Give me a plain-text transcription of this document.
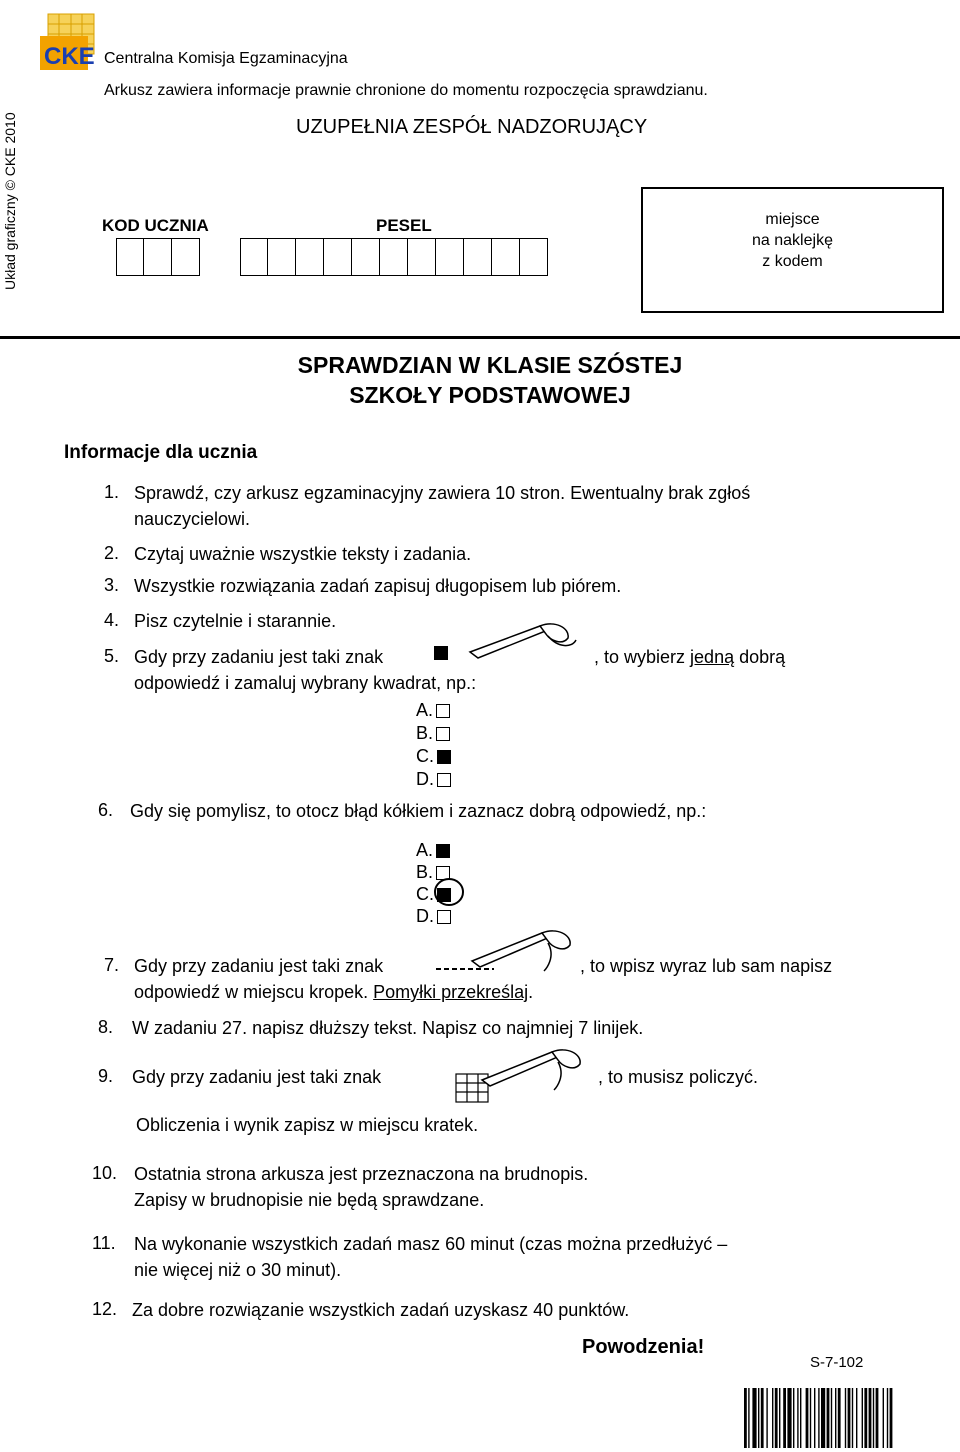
Układ graficzny © CKE 2010
CKE Centralna Komisja Egzaminacyjna
Arkusz zawiera informacje prawnie chronione do momentu rozpoczęcia sprawdzianu.
UZUPEŁNIA ZESPÓŁ NADZORUJĄCY
KOD UCZNIA	PESEL	miejsce
na naklejkę
z kodem
SPRAWDZIAN W KLASIE SZÓSTEJ
SZKOŁY PODSTAWOWEJ
Informacje dla ucznia
1. Sprawdź, czy arkusz egzaminacyjny zawiera 10 stron. Ewentualny brak zgłoś
nauczycielowi.
2. Czytaj uważnie wszystkie teksty i zadania.
3. Wszystkie rozwiązania zadań zapisuj długopisem lub piórem.
4. Pisz czytelnie i starannie.
5. Gdy przy zadaniu jest taki znak	, to wybierz jedną dobrą
odpowiedź i zamaluj wybrany kwadrat, np.:
A.
B.
C.
D.
6. Gdy się pomylisz, to otocz błąd kółkiem i zaznacz dobrą odpowiedź, np.:
A.
B.
C.
D.
7. Gdy przy zadaniu jest taki znak	, to wpisz wyraz lub sam napisz
odpowiedź w miejscu kropek. Pomyłki przekreślaj.
8. W zadaniu 27. napisz dłuższy tekst. Napisz co najmniej 7 linijek.
9. Gdy przy zadaniu jest taki znak	, to musisz policzyć.
Obliczenia i wynik zapisz w miejscu kratek.
10. Ostatnia strona arkusza jest przeznaczona na brudnopis.
Zapisy w brudnopisie nie będą sprawdzane.
11. Na wykonanie wszystkich zadań masz 60 minut (czas można przedłużyć –
nie więcej niż o 30 minut).
12. Za dobre rozwiązanie wszystkich zadań uzyskasz 40 punktów.
Powodzenia!
S-7-102
